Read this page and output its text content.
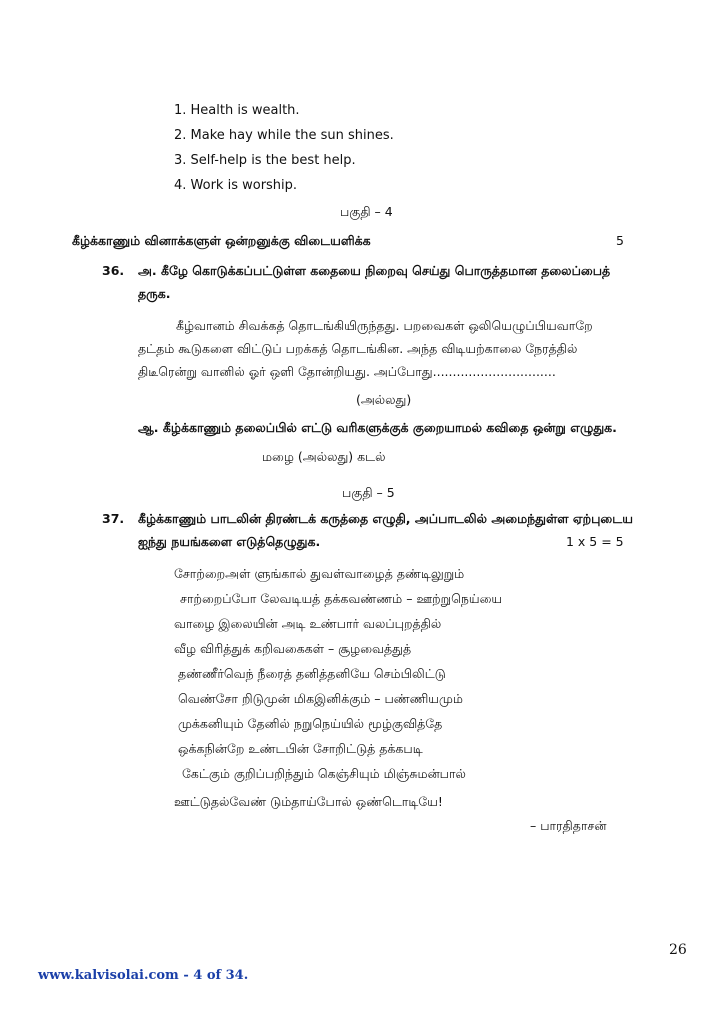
1. Health is wealth.
2. Make hay while the sun shines.
3. Self-help is the best help.
4. Work is worship.
பகுதி – 4
கீழ்க்காணும் வினாக்களுள் ஒன்றனுக்கு விடையளிக்க	5
36. அ. கீழே கொடுக்கப்பட்டுள்ள கதையை நிறைவு செய்து பொருத்தமான தலைப்பைத்
தருக.
கீழ்வானம் சிவக்கத் தொடங்கியிருந்தது. பறவைகள் ஒலியெழுப்பியவாறே
தட்தம் கூடுகளை விட்டுப் பறக்கத் தொடங்கின. அந்த விடியற்காலை நேரத்தில்
திடீரென்று வானில் ஓர் ஒளி தோன்றியது. அப்போது...............................
(அல்லது)
ஆ. கீழ்க்காணும் தலைப்பில் எட்டு வரிகளுக்குக் குறையாமல் கவிதை ஒன்று எழுதுக.
மழை (அல்லது) கடல்
பகுதி – 5
37. கீழ்க்காணும் பாடலின் திரண்டக் கருத்தை எழுதி, அப்பாடலில் அமைந்துள்ள ஏற்புடைய
ஐந்து நயங்களை எடுத்தெழுதுக.	1 x 5 = 5
சோற்றைஅள் ளுங்கால் துவள்வாழைத் தண்டிலுறும்
சாற்றைப்போ லேவடியத் தக்கவண்ணம் – ஊற்றுநெய்யை
வாழை இலையின் அடி உண்பார் வலப்புறத்தில்
வீழ விரித்துக் கறிவகைகள் – சூழவைத்துத்
தண்ணீர்வெந் நீரைத் தனித்தனியே செம்பிலிட்டு
வெண்சோ றிடுமுன் மிகஇனிக்கும் – பண்ணியமும்
முக்கனியும் தேனில் நறுநெய்யில் மூழ்குவித்தே
ஒக்கநின்றே உண்டபின் சோறிட்டுத் தக்கபடி
கேட்கும் குறிப்பறிந்தும் கெஞ்சியும் மிஞ்சுமன்பால்
ஊட்டுதல்வேண் டும்தாய்போல் ஒண்டொடியே!
– பாரதிதாசன்
26
www.kalvisolai.com - 4 of 34.
